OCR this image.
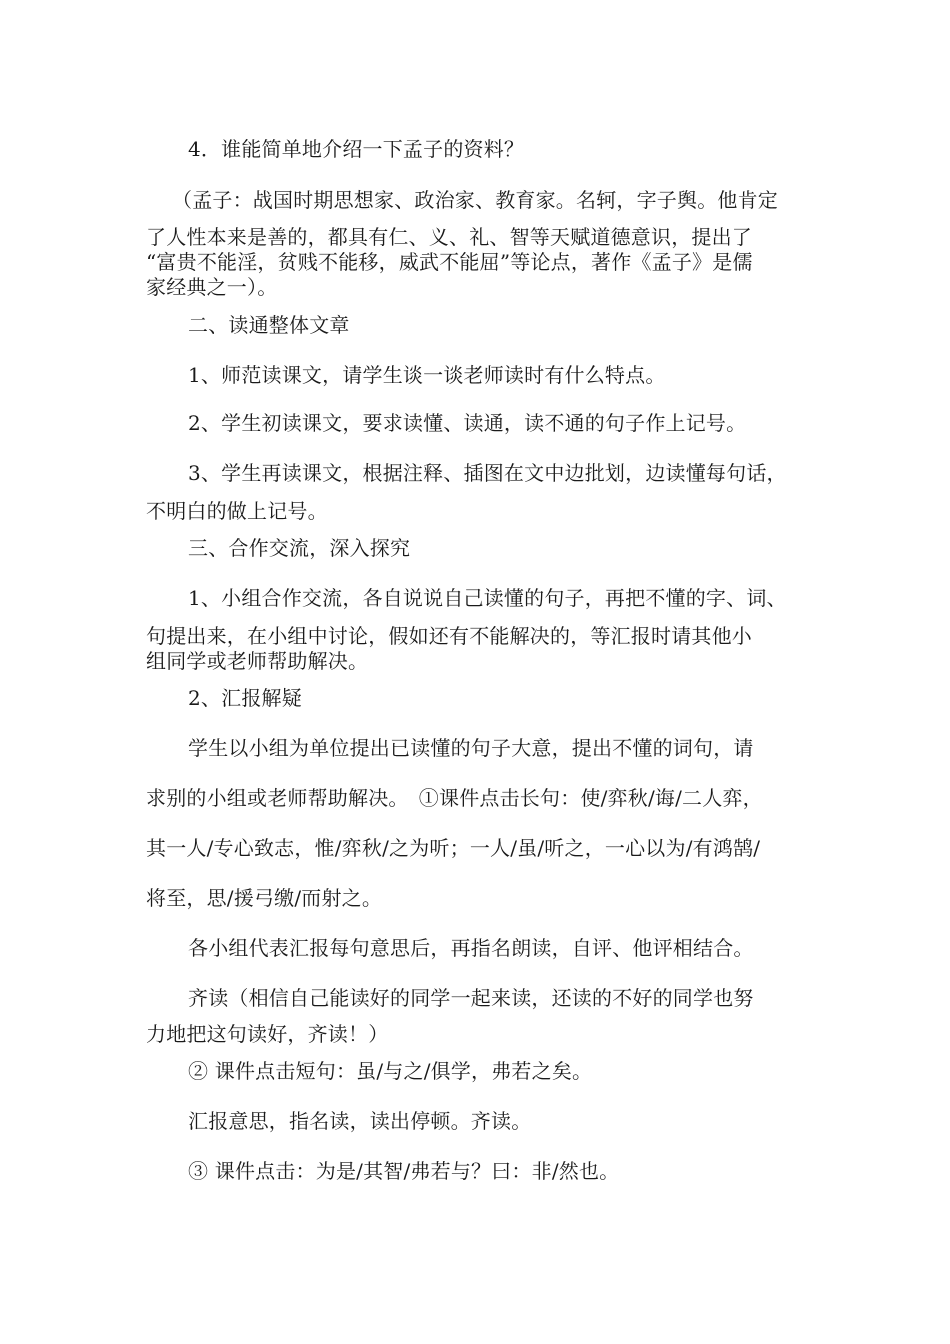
4．谁能简单地介绍一下孟子的资料？
（孟子：战国时期思想家、政治家、教育家。名轲，字子舆。他肯定
了人性本来是善的，都具有仁、义、礼、智等天赋道德意识，提出了
“富贵不能淫，贫贱不能移，威武不能屈”等论点，著作《孟子》是儒
家经典之一）。
二、读通整体文章
1、师范读课文，请学生谈一谈老师读时有什么特点。
2、学生初读课文，要求读懂、读通，读不通的句子作上记号。
3、学生再读课文，根据注释、插图在文中边批划，边读懂每句话，
不明白的做上记号。
三、合作交流，深入探究
1、小组合作交流，各自说说自己读懂的句子，再把不懂的字、词、
句提出来，在小组中讨论，假如还有不能解决的，等汇报时请其他小
组同学或老师帮助解决。
2、汇报解疑
学生以小组为单位提出已读懂的句子大意，提出不懂的词句，请
求别的小组或老师帮助解决。　①课件点击长句：使/弈秋/诲/二人弈，
其一人/专心致志，惟/弈秋/之为听；一人/虽/听之，一心以为/有鸿鹄/
将至，思/援弓缴/而射之。
各小组代表汇报每句意思后，再指名朗读，自评、他评相结合。
齐读（相信自己能读好的同学一起来读，还读的不好的同学也努
力地把这句读好，齐读！）
② 课件点击短句：虽/与之/俱学，弗若之矣。
汇报意思，指名读，读出停顿。齐读。
③ 课件点击：为是/其智/弗若与？曰：非/然也。
